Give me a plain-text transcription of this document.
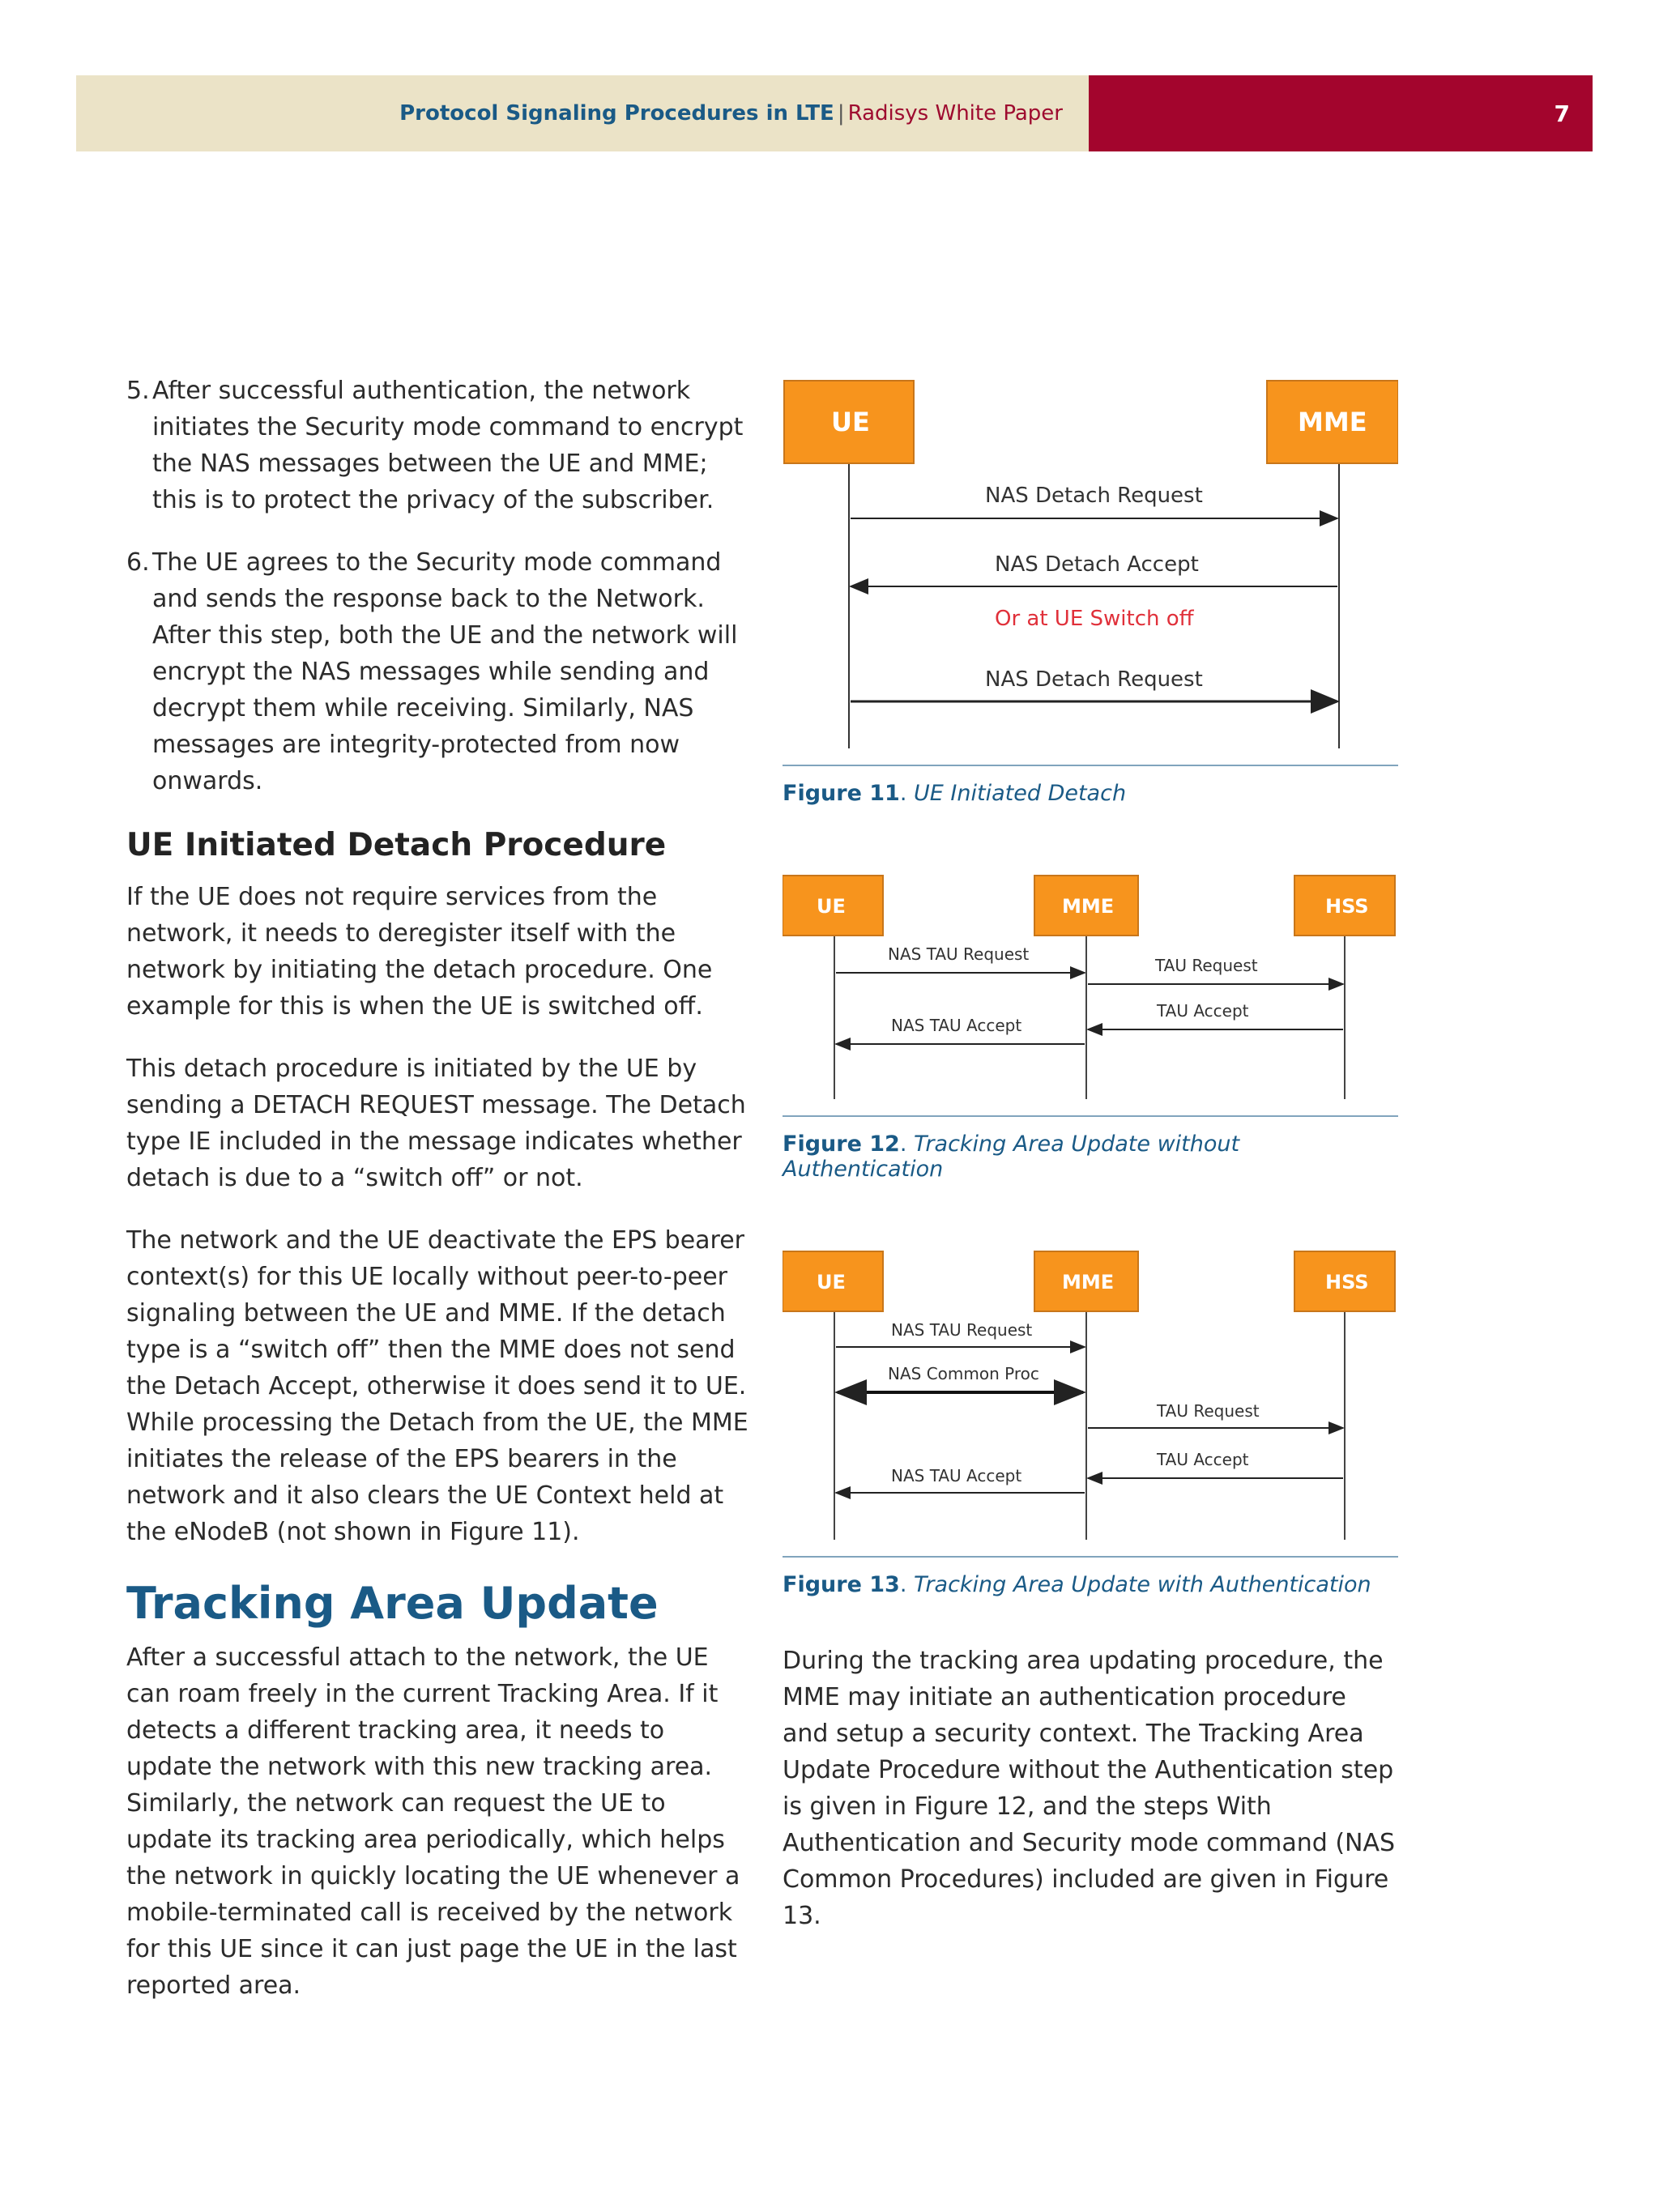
Protocol Signaling Procedures in LTE | Radisys White Paper	7
5. After successful authentication, the network initiates the Security mode command to encrypt the NAS messages between the UE and MME; this is to protect the privacy of the subscriber.
6. The UE agrees to the Security mode command and sends the response back to the Network. After this step, both the UE and the network will encrypt the NAS messages while sending and decrypt them while receiving. Similarly, NAS messages are integrity-protected from now onwards.
UE Initiated Detach Procedure

If the UE does not require services from the network, it needs to deregister itself with the network by initiating the detach procedure. One example for this is when the UE is switched off.

This detach procedure is initiated by the UE by sending a DETACH REQUEST message. The Detach type IE included in the message indicates whether detach is due to a “switch off” or not.

The network and the UE deactivate the EPS bearer context(s) for this UE locally without peer-to-peer signaling between the UE and MME. If the detach type is a “switch off” then the MME does not send the Detach Accept, otherwise it does send it to UE. While processing the Detach from the UE, the MME initiates the release of the EPS bearers in the network and it also clears the UE Context held at the eNodeB (not shown in Figure 11).

Tracking Area Update

After a successful attach to the network, the UE can roam freely in the current Tracking Area. If it detects a different tracking area, it needs to update the network with this new tracking area. Similarly, the network can request the UE to update its tracking area periodically, which helps the network in quickly locating the UE whenever a mobile-terminated call is received by the network for this UE since it can just page the UE in the last reported area.

UE	MME
NAS Detach Request
NAS Detach Accept
Or at UE Switch off
NAS Detach Request
Figure 11. UE Initiated Detach
UE	MME	HSS
NAS TAU Request
TAU Request
TAU Accept
NAS TAU Accept
Figure 12. Tracking Area Update without Authentication
UE	MME	HSS
NAS TAU Request
NAS Common Proc
TAU Request
TAU Accept
NAS TAU Accept
Figure 13. Tracking Area Update with Authentication

During the tracking area updating procedure, the MME may initiate an authentication procedure and setup a security context. The Tracking Area Update Procedure without the Authentication step is given in Figure 12, and the steps With Authentication and Security mode command (NAS Common Procedures) included are given in Figure 13.
